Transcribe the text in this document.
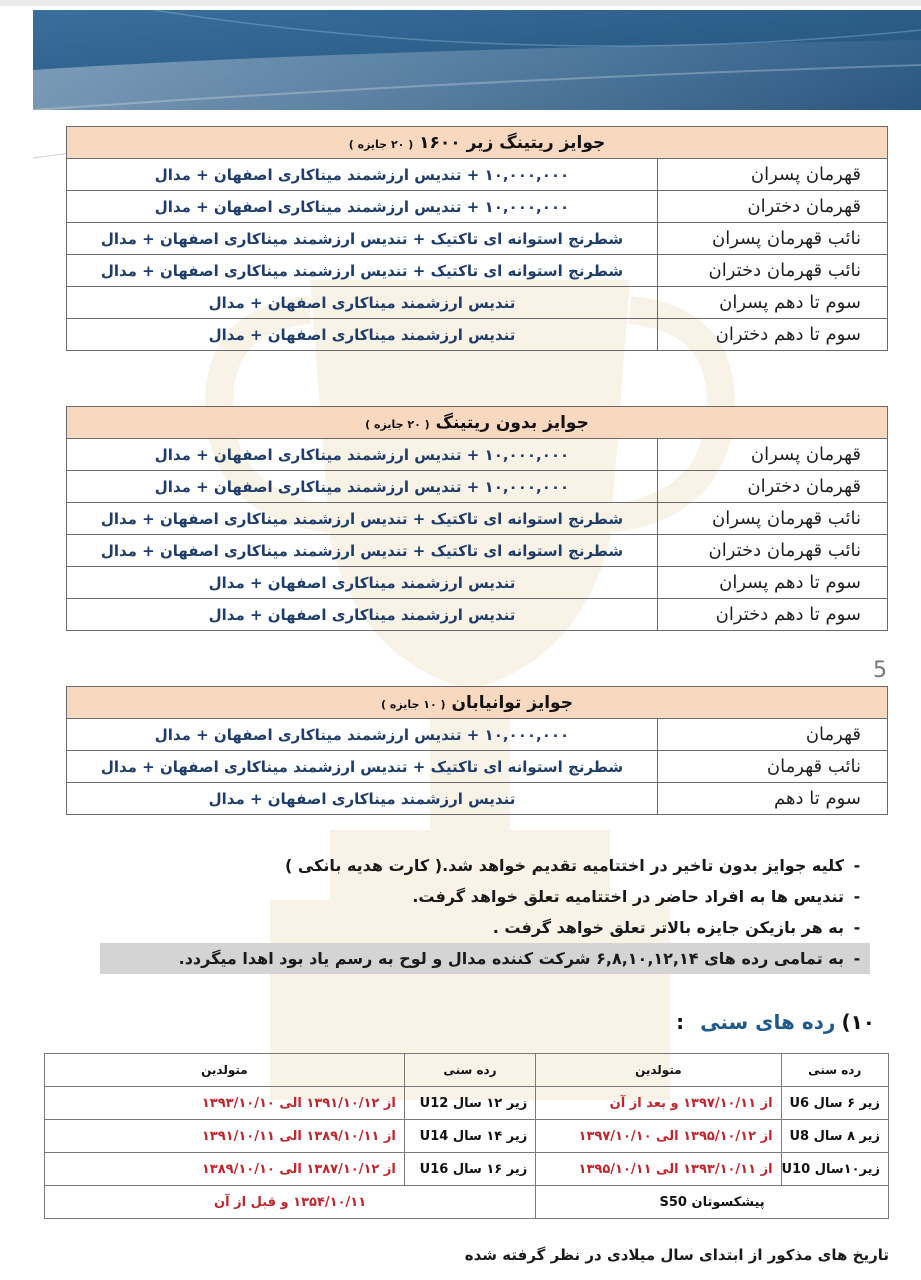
جوایز ریتینگ زیر ۱۶۰۰ ( ۲۰ جایزه )	
قهرمان پسران	۱۰,۰۰۰,۰۰۰ + تندیس ارزشمند میناکاری اصفهان + مدال
قهرمان دختران	۱۰,۰۰۰,۰۰۰ + تندیس ارزشمند میناکاری اصفهان + مدال
نائب قهرمان پسران	شطرنج استوانه ای تاکتیک + تندیس ارزشمند میناکاری اصفهان + مدال
نائب قهرمان دختران	شطرنج استوانه ای تاکتیک + تندیس ارزشمند میناکاری اصفهان + مدال
سوم تا دهم پسران	تندیس ارزشمند میناکاری اصفهان + مدال
سوم تا دهم دختران	تندیس ارزشمند میناکاری اصفهان + مدال
جوایز بدون ریتینگ ( ۲۰ جایزه )	
قهرمان پسران	۱۰,۰۰۰,۰۰۰ + تندیس ارزشمند میناکاری اصفهان + مدال
قهرمان دختران	۱۰,۰۰۰,۰۰۰ + تندیس ارزشمند میناکاری اصفهان + مدال
نائب قهرمان پسران	شطرنج استوانه ای تاکتیک + تندیس ارزشمند میناکاری اصفهان + مدال
نائب قهرمان دختران	شطرنج استوانه ای تاکتیک + تندیس ارزشمند میناکاری اصفهان + مدال
سوم تا دهم پسران	تندیس ارزشمند میناکاری اصفهان + مدال
سوم تا دهم دختران	تندیس ارزشمند میناکاری اصفهان + مدال
5
جوایز توانیابان ( ۱۰ جایزه )	
قهرمان	۱۰,۰۰۰,۰۰۰ + تندیس ارزشمند میناکاری اصفهان + مدال
نائب قهرمان	شطرنج استوانه ای تاکتیک + تندیس ارزشمند میناکاری اصفهان + مدال
سوم تا دهم	تندیس ارزشمند میناکاری اصفهان + مدال
-
کلیه جوایز بدون تاخیر در اختتامیه تقدیم خواهد شد.( کارت هدیه بانکی )
-
تندیس ها به افراد حاضر در اختتامیه تعلق خواهد گرفت.
-
به هر بازیکن جایزه بالاتر تعلق خواهد گرفت .
-
به تمامی رده های ۶,۸,۱۰,۱۲,۱۴ شرکت کننده مدال و لوح به رسم یاد بود اهدا میگردد.
۱۰)
رده های سنی
:
رده سنی	متولدین	رده سنی	متولدین
زیر ۶ سال U6	از ۱۳۹۷/۱۰/۱۱ و بعد از آن	زیر ۱۲ سال U12	از ۱۳۹۱/۱۰/۱۲ الی ۱۳۹۳/۱۰/۱۰
زیر ۸ سال U8	از ۱۳۹۵/۱۰/۱۲ الی ۱۳۹۷/۱۰/۱۰	زیر ۱۴ سال U14	از ۱۳۸۹/۱۰/۱۱ الی ۱۳۹۱/۱۰/۱۱
زیر۱۰سال U10	از ۱۳۹۳/۱۰/۱۱ الی ۱۳۹۵/۱۰/۱۱	زیر ۱۶ سال U16	از ۱۳۸۷/۱۰/۱۲ الی ۱۳۸۹/۱۰/۱۰
پیشکسوتان S50		۱۳۵۴/۱۰/۱۱ و قبل از آن	
تاریخ های مذکور از ابتدای سال میلادی در نظر گرفته شده
